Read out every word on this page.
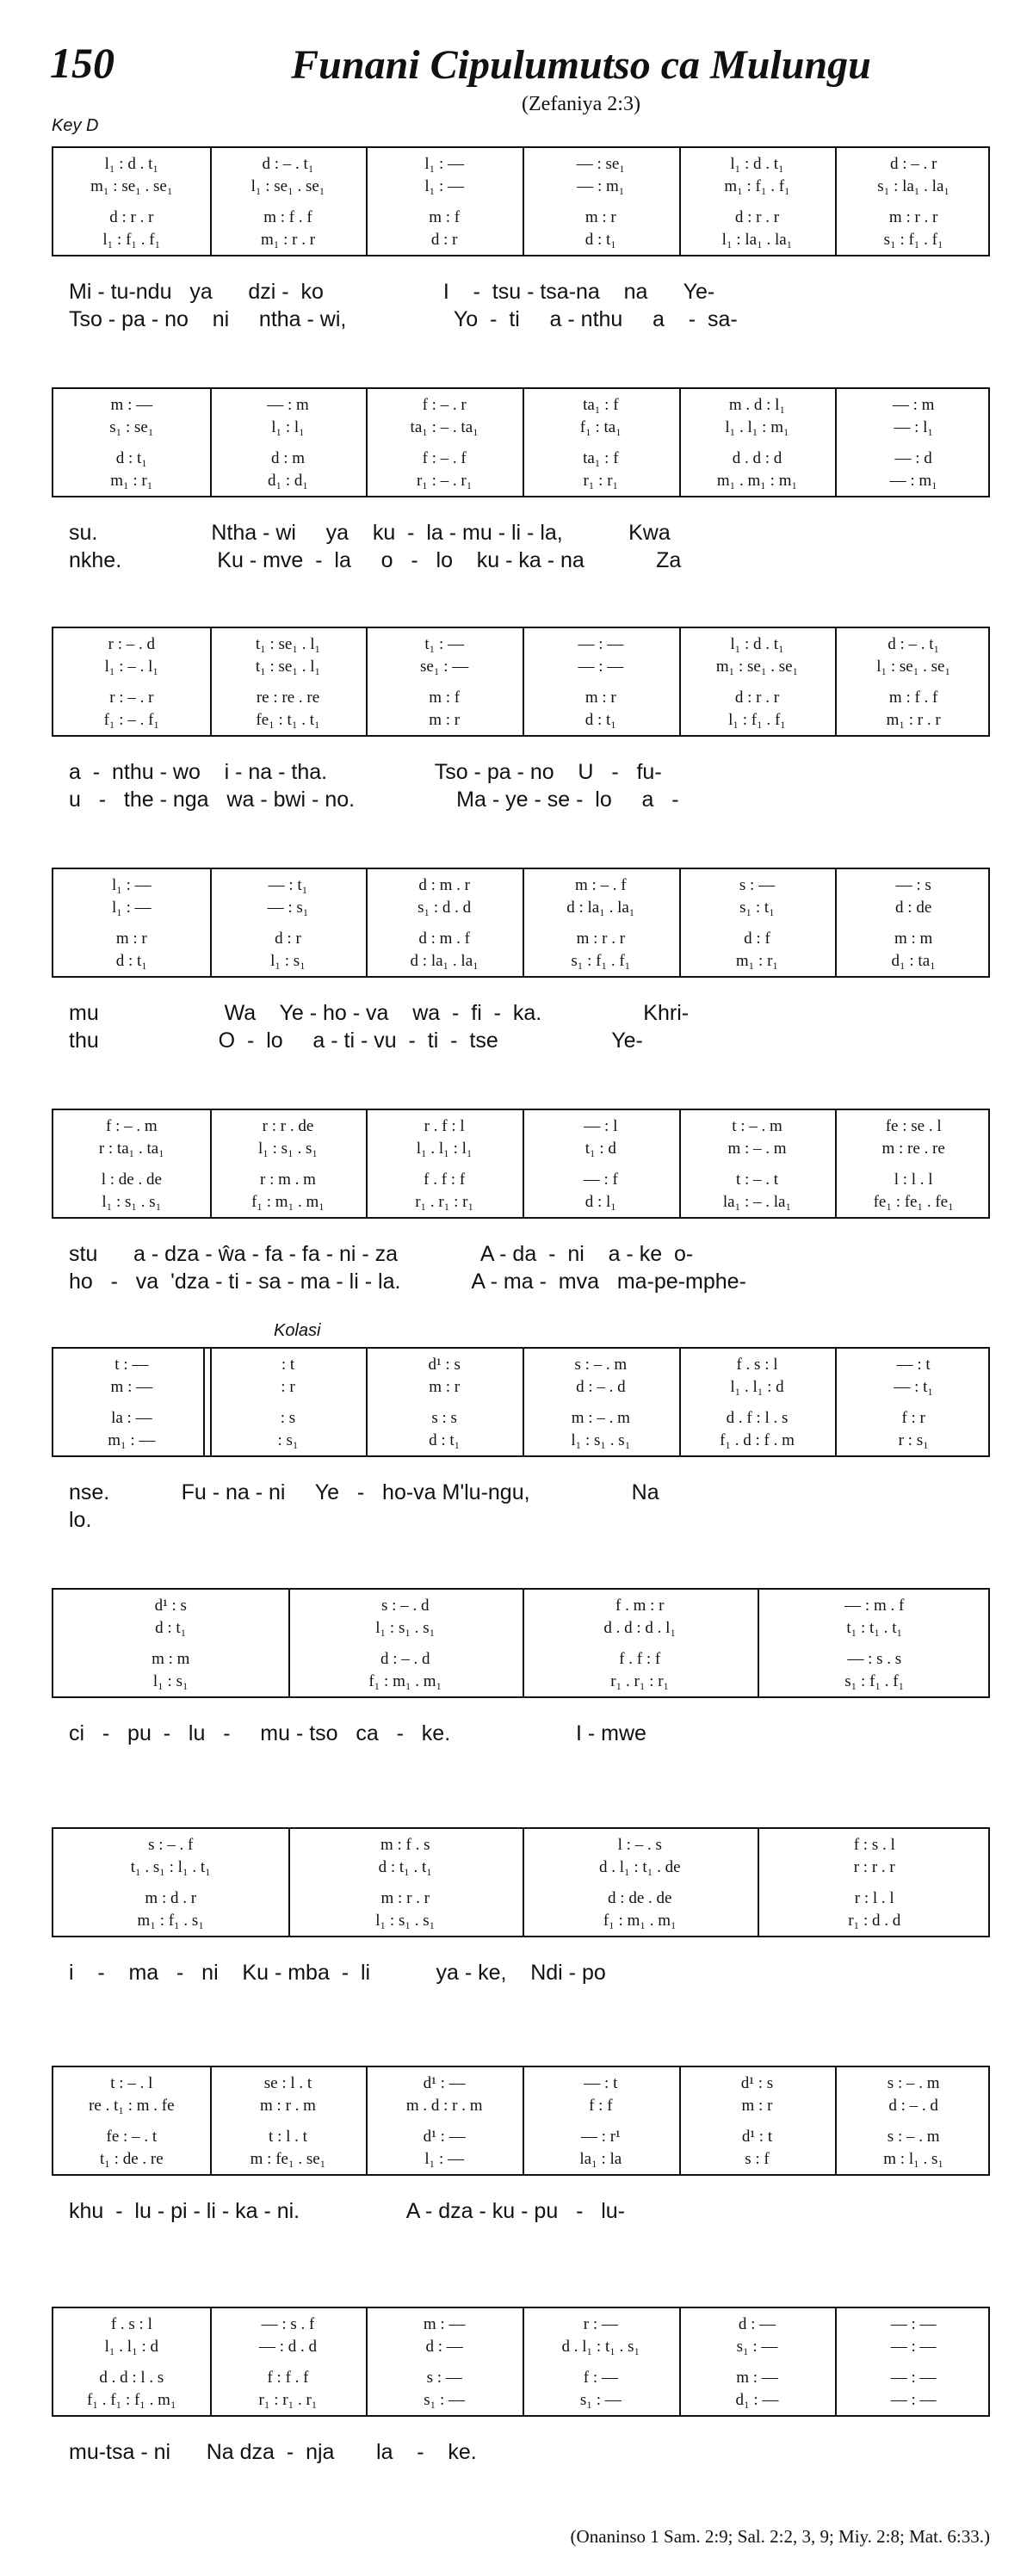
150	Funani Cipulumutso ca Mulungu
(Zefaniya 2:3)
Key D
Kolasi
l₁ : d . t₁	d : – . t₁	l₁ : —	— : se₁	l₁ : d . t₁	d : – . r
m₁ : se₁ . se₁	l₁ : se₁ . se₁	l₁ : —	— : m₁	m₁ : f₁ . f₁	s₁ : la₁ . la₁
d : r . r	m : f . f	m : f	m : r	d : r . r	m : r . r
l₁ : f₁ . f₁	m₁ : r . r	d : r	d : t₁	l₁ : la₁ . la₁	s₁ : f₁ . f₁
Mi - tu-ndu   ya      dzi -  ko                    I    -  tsu - tsa-na    na      Ye-
Tso - pa - no    ni     ntha - wi,                  Yo  -  ti     a - nthu     a    -  sa-
m : —	— : m	f : – . r	ta₁ : f	m . d : l₁	— : m
s₁ : se₁	l₁ : l₁	ta₁ : – . ta₁	f₁ : ta₁	l₁ . l₁ : m₁	— : l₁
d : t₁	d : m	f : – . f	ta₁ : f	d . d : d	— : d
m₁ : r₁	d₁ : d₁	r₁ : – . r₁	r₁ : r₁	m₁ . m₁ : m₁	— : m₁
su.                   Ntha - wi     ya    ku  -  la - mu - li - la,           Kwa
nkhe.                Ku - mve  -  la     o   -   lo    ku - ka - na            Za
r : – . d	t₁ : se₁ . l₁	t₁ : —	— : —	l₁ : d . t₁	d : – . t₁
l₁ : – . l₁	t₁ : se₁ . l₁	se₁ : —	— : —	m₁ : se₁ . se₁	l₁ : se₁ . se₁
r : – . r	re : re . re	m : f	m : r	d : r . r	m : f . f
f₁ : – . f₁	fe₁ : t₁ . t₁	m : r	d : t₁	l₁ : f₁ . f₁	m₁ : r . r
a  -  nthu - wo    i - na - tha.                  Tso - pa - no    U   -   fu-
u   -   the - nga   wa - bwi - no.                 Ma - ye - se -  lo     a   -
l₁ : —	— : t₁	d : m . r	m : – . f	s : —	— : s
l₁ : —	— : s₁	s₁ : d . d	d : la₁ . la₁	s₁ : t₁	d : de
m : r	d : r	d : m . f	m : r . r	d : f	m : m
d : t₁	l₁ : s₁	d : la₁ . la₁	s₁ : f₁ . f₁	m₁ : r₁	d₁ : ta₁
mu                     Wa    Ye - ho - va    wa  -  fi  -  ka.                 Khri-
thu                    O  -  lo     a - ti - vu  -  ti  -  tse                   Ye-
f : – . m	r : r . de	r . f : l	— : l	t : – . m	fe : se . l
r : ta₁ . ta₁	l₁ : s₁ . s₁	l₁ . l₁ : l₁	t₁ : d	m : – . m	m : re . re
l : de . de	r : m . m	f . f : f	— : f	t : – . t	l : l . l
l₁ : s₁ . s₁	f₁ : m₁ . m₁	r₁ . r₁ : r₁	d : l₁	la₁ : – . la₁	fe₁ : fe₁ . fe₁
stu      a - dza - ŵa - fa - fa - ni - za              A - da  -  ni    a - ke  o-
ho   -   va  'dza - ti - sa - ma - li - la.            A - ma -  mva   ma-pe-mphe-
t : —	: t	d¹ : s	s : – . m	f . s : l	— : t
m : —	: r	m : r	d : – . d	l₁ . l₁ : d	— : t₁
la : —	: s	s : s	m : – . m	d . f : l . s	f : r
m₁ : —	: s₁	d : t₁	l₁ : s₁ . s₁	f₁ . d : f . m	r : s₁
nse.            Fu - na - ni     Ye   -   ho-va M'lu-ngu,                 Na
lo.
d¹ : s	s : – . d	f . m : r	— : m . f
d : t₁	l₁ : s₁ . s₁	d . d : d . l₁	t₁ : t₁ . t₁
m : m	d : – . d	f . f : f	— : s . s
l₁ : s₁	f₁ : m₁ . m₁	r₁ . r₁ : r₁	s₁ : f₁ . f₁
ci   -   pu  -   lu   -     mu - tso   ca   -   ke.                     I - mwe
s : – . f	m : f . s	l : – . s	f : s . l
t₁ . s₁ : l₁ . t₁	d : t₁ . t₁	d . l₁ : t₁ . de	r : r . r
m : d . r	m : r . r	d : de . de	r : l . l
m₁ : f₁ . s₁	l₁ : s₁ . s₁	f₁ : m₁ . m₁	r₁ : d . d
i    -    ma   -   ni    Ku - mba  -  li           ya - ke,    Ndi - po
t : – . l	se : l . t	d¹ : —	— : t	d¹ : s	s : – . m
re . t₁ : m . fe	m : r . m	m . d : r . m	f : f	m : r	d : – . d
fe : – . t	t : l . t	d¹ : —	— : r¹	d¹ : t	s : – . m
t₁ : de . re	m : fe₁ . se₁	l₁ : —	la₁ : la	s : f	m : l₁ . s₁
khu  -  lu - pi - li - ka - ni.                  A - dza - ku - pu   -   lu-
f . s : l	— : s . f	m : —	r : —	d : —	— : —
l₁ . l₁ : d	— : d . d	d : —	d . l₁ : t₁ . s₁	s₁ : —	— : —
d . d : l . s	f : f . f	s : —	f : —	m : —	— : —
f₁ . f₁ : f₁ . m₁	r₁ : r₁ . r₁	s₁ : —	s₁ : —	d₁ : —	— : —
mu-tsa - ni      Na dza  -  nja       la    -    ke.
(Onaninso 1 Sam. 2:9; Sal. 2:2, 3, 9; Miy. 2:8; Mat. 6:33.)
